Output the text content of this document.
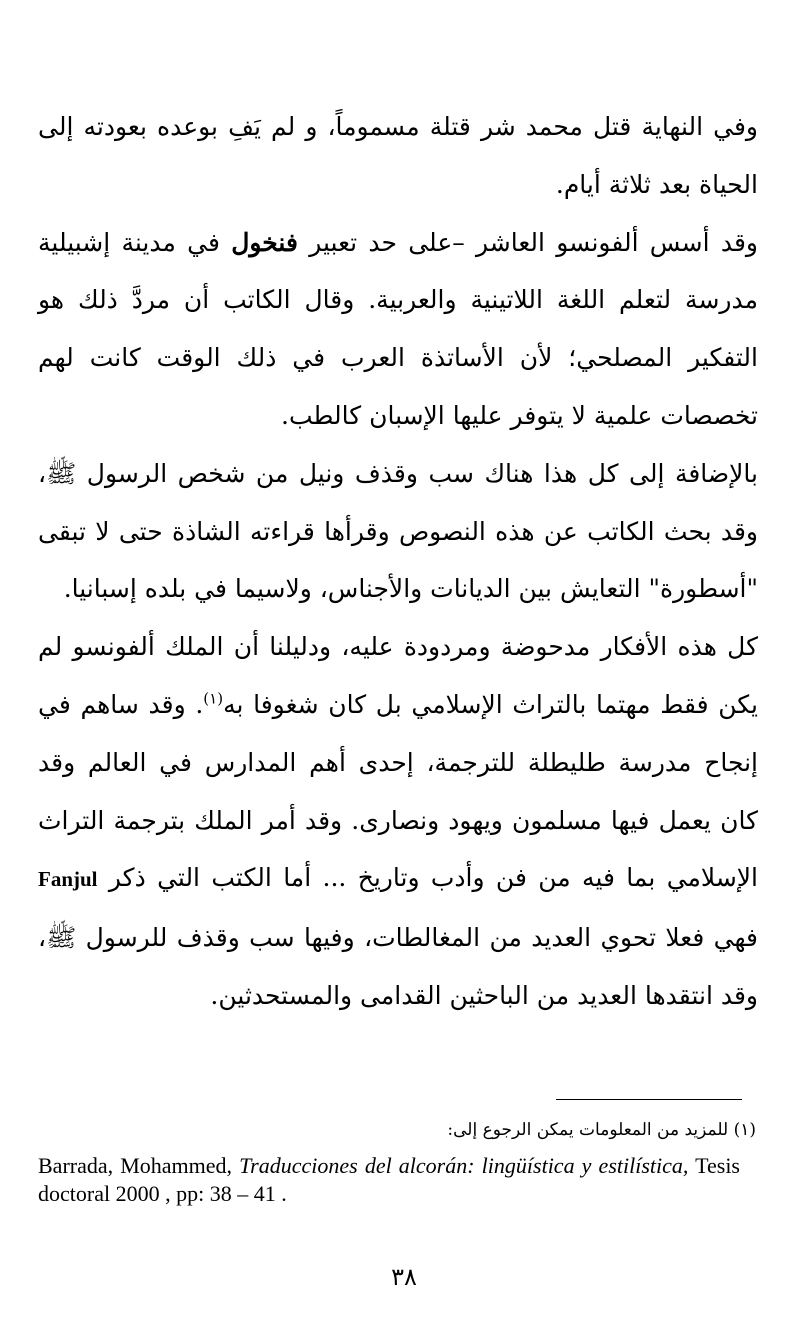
وفي النهاية قتل محمد شر قتلة مسموماً، و لم يَفِ بوعده بعودته إلى الحياة بعد ثلاثة أيام.

وقد أسس ألفونسو العاشر –على حد تعبير فنخول في مدينة إشبيلية مدرسة لتعلم اللغة اللاتينية والعربية. وقال الكاتب أن مردَّ ذلك هو التفكير المصلحي؛ لأن الأساتذة العرب في ذلك الوقت كانت لهم تخصصات علمية لا يتوفر عليها الإسبان كالطب.

بالإضافة إلى كل هذا هناك سب وقذف ونيل من شخص الرسول ﷺ، وقد بحث الكاتب عن هذه النصوص وقرأها قراءته الشاذة حتى لا تبقى "أسطورة" التعايش بين الديانات والأجناس، ولاسيما في بلده إسبانيا.

كل هذه الأفكار مدحوضة ومردودة عليه، ودليلنا أن الملك ألفونسو لم يكن فقط مهتما بالتراث الإسلامي بل كان شغوفا به$^{(١)}$. وقد ساهم في إنجاح مدرسة طليطلة للترجمة، إحدى أهم المدارس في العالم وقد كان يعمل فيها مسلمون ويهود ونصارى. وقد أمر الملك بترجمة التراث الإسلامي بما فيه من فن وأدب وتاريخ ... أما الكتب التي ذكر Fanjul فهي فعلا تحوي العديد من المغالطات، وفيها سب وقذف للرسول ﷺ، وقد انتقدها العديد من الباحثين القدامى والمستحدثين.

(١) للمزيد من المعلومات يمكن الرجوع إلى:
Barrada, Mohammed, Traducciones del alcorán: lingüística y estilística, Tesis doctoral 2000 , pp: 38 – 41 .
٣٨
